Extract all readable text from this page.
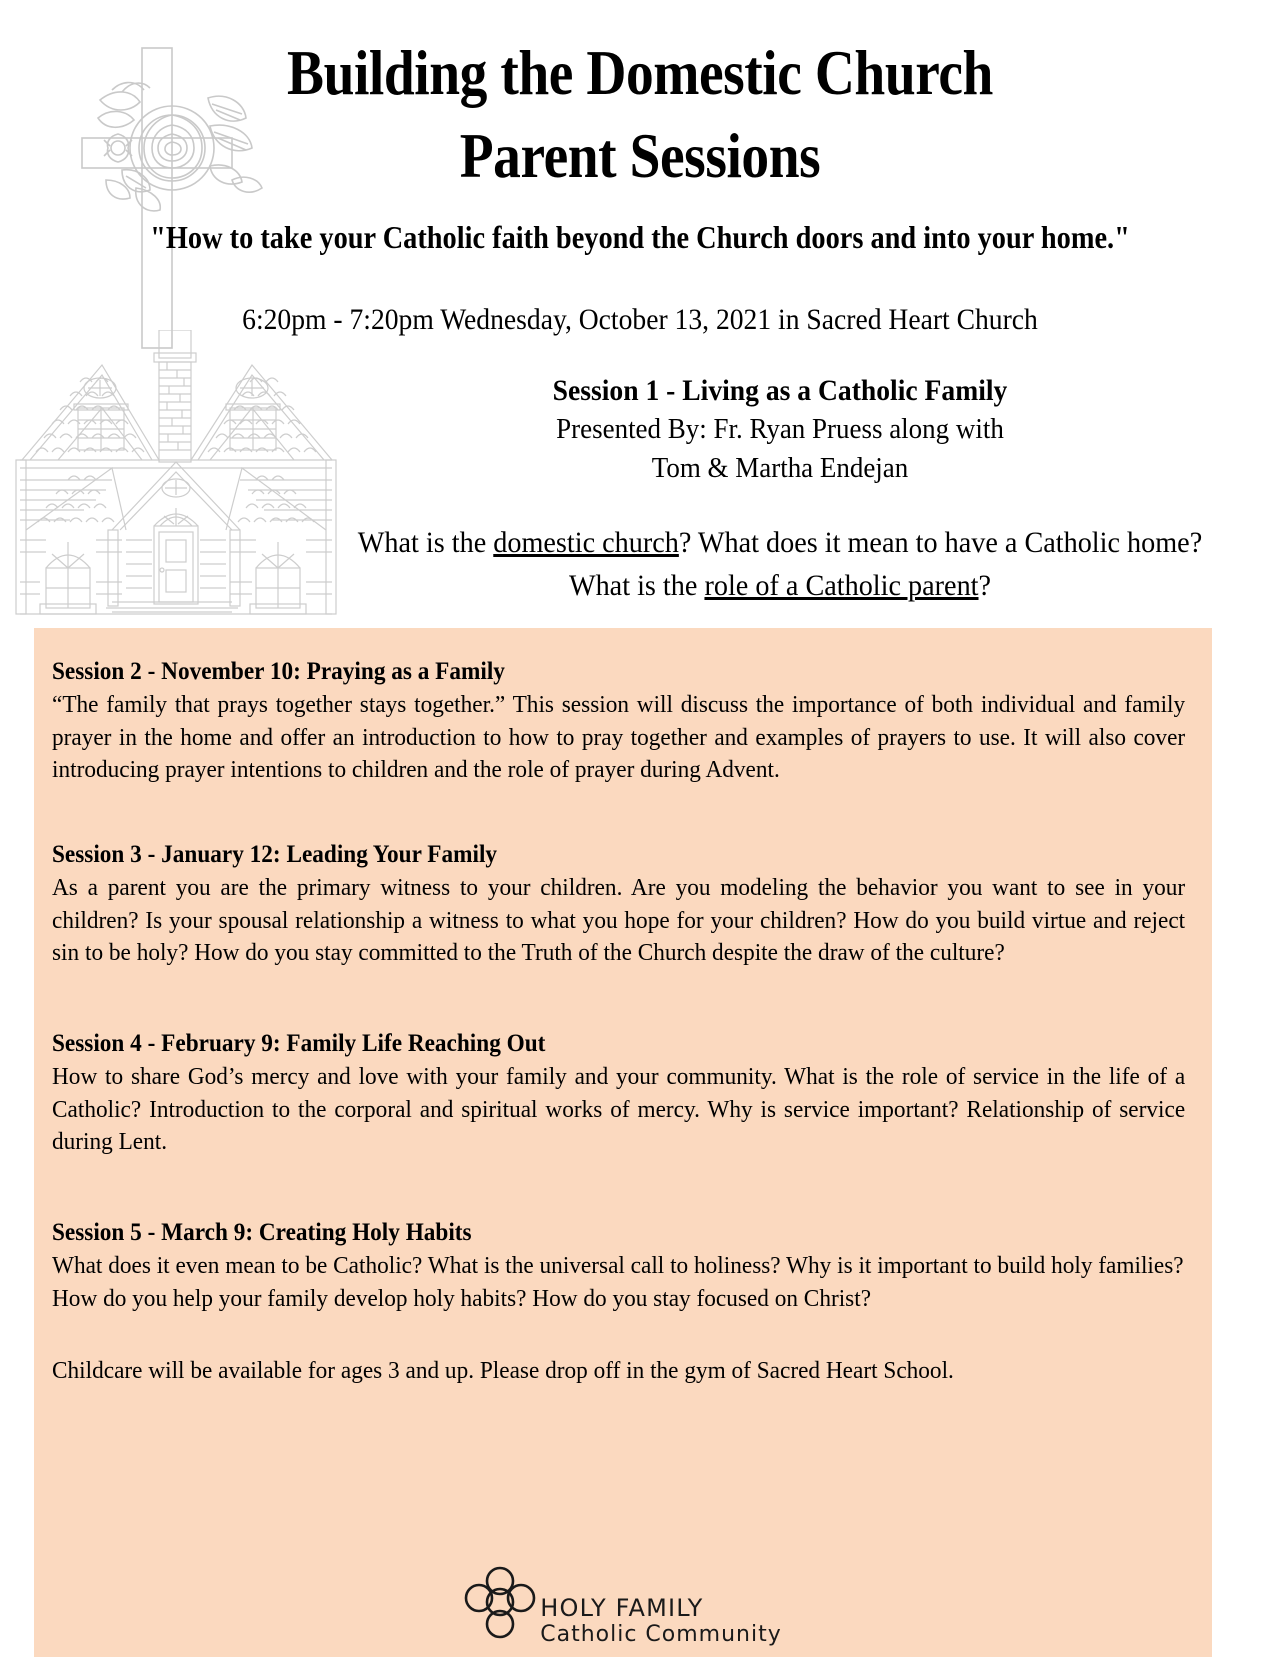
Building the Domestic Church
Parent Sessions
"How to take your Catholic faith beyond the Church doors and into your home."
6:20pm - 7:20pm Wednesday, October 13, 2021 in Sacred Heart Church
Session 1 - Living as a Catholic Family
Presented By: Fr. Ryan Pruess along with
Tom & Martha Endejan
What is the domestic church? What does it mean to have a Catholic home? What is the role of a Catholic parent?

Session 2 - November 10: Praying as a Family

“The family that prays together stays together.” This session will discuss the importance of both individual and family prayer in the home and offer an introduction to how to pray together and examples of prayers to use. It will also cover introducing prayer intentions to children and the role of prayer during Advent.

Session 3 - January 12: Leading Your Family

As a parent you are the primary witness to your children. Are you modeling the behavior you want to see in your children? Is your spousal relationship a witness to what you hope for your children? How do you build virtue and reject sin to be holy? How do you stay committed to the Truth of the Church despite the draw of the culture?

Session 4 - February 9: Family Life Reaching Out

How to share God’s mercy and love with your family and your community. What is the role of service in the life of a Catholic? Introduction to the corporal and spiritual works of mercy. Why is service important? Relationship of service during Lent.

Session 5 - March 9: Creating Holy Habits

What does it even mean to be Catholic? What is the universal call to holiness? Why is it important to build holy families? How do you help your family develop holy habits? How do you stay focused on Christ?

Childcare will be available for ages 3 and up. Please drop off in the gym of Sacred Heart School.

HOLY FAMILY
Catholic Community
